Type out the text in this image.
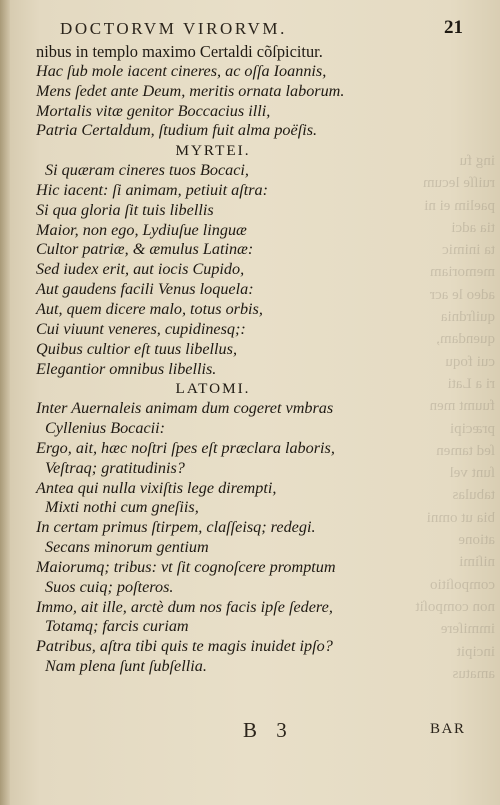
ing fu
ruiſſe lecum
paelim ei ni
tia adci
ta inimic
memoriam
adeo le acr
quiſrdnia
quendam,
cui foqu
ri a Lati
fuumt men
præcipi
ſed tamen
ſunt vel
tabulas
bia ut omni
atione
niſimi
compoſitio
non compoſit
immiſere
incipit
amatus
DOCTORVM VIRORVM.	21
nibus in templo maximo Certaldi cõſpicitur.
Hac ſub mole iacent cineres, ac oſſa Ioannis,
Mens ſedet ante Deum, meritis ornata laborum.
Mortalis vitæ genitor Boccacius illi,
Patria Certaldum, ſtudium fuit alma poëſis.
MYRTEI.
Si quæram cineres tuos Bocaci,
Hic iacent: ſi animam, petiuit aſtra:
Si qua gloria ſit tuis libellis
Maior, non ego, Lydiuſue linguæ
Cultor patriæ, & æmulus Latinæ:
Sed iudex erit, aut iocis Cupido,
Aut gaudens facili Venus loquela:
Aut, quem dicere malo, totus orbis,
Cui viuunt veneres, cupidinesq;:
Quibus cultior eſt tuus libellus,
Elegantior omnibus libellis.
LATOMI.
Inter Auernaleis animam dum cogeret vmbras
Cyllenius Bocacii:
Ergo, ait, hæc noſtri ſpes eſt præclara laboris,
Veſtraq; gratitudinis?
Antea qui nulla vixiſtis lege dirempti,
Mixti nothi cum gneſiis,
In certam primus ſtirpem, claſſeisq; redegi.
Secans minorum gentium
Maiorumq; tribus: vt ſit cognoſcere promptum
Suos cuiq; poſteros.
Immo, ait ille, arctè dum nos facis ipſe ſedere,
Totamq; farcis curiam
Patribus, aſtra tibi quis te magis inuidet ipſo?
Nam plena ſunt ſubſellia.
B 3	BAR
